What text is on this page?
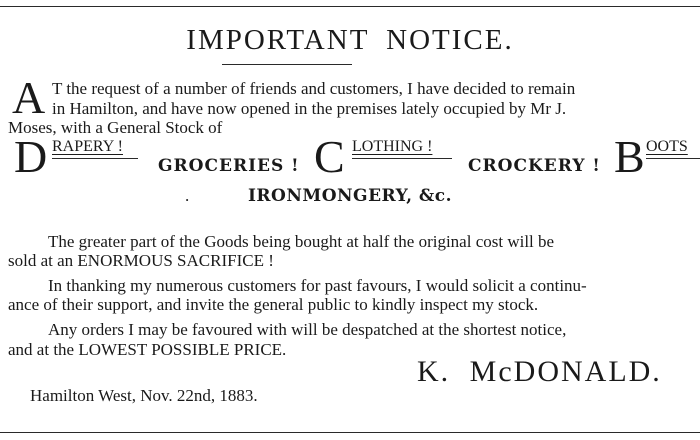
IMPORTANT NOTICE.
A T the request of a number of friends and customers, I have decided to remain
in Hamilton, and have now opened in the premises lately occupied by Mr J.
Moses, with a General Stock of
D RAPERY !
GROCERIES ! C LOTHING !
CROCKERY ! B OOTS
.	IRONMONGERY, &c.
The greater part of the Goods being bought at half the original cost will be
sold at an ENORMOUS SACRIFICE !
In thanking my numerous customers for past favours, I would solicit a continu-
ance of their support, and invite the general public to kindly inspect my stock.
Any orders I may be favoured with will be despatched at the shortest notice,
and at the LOWEST POSSIBLE PRICE.
K. McDONALD.
Hamilton West, Nov. 22nd, 1883.
